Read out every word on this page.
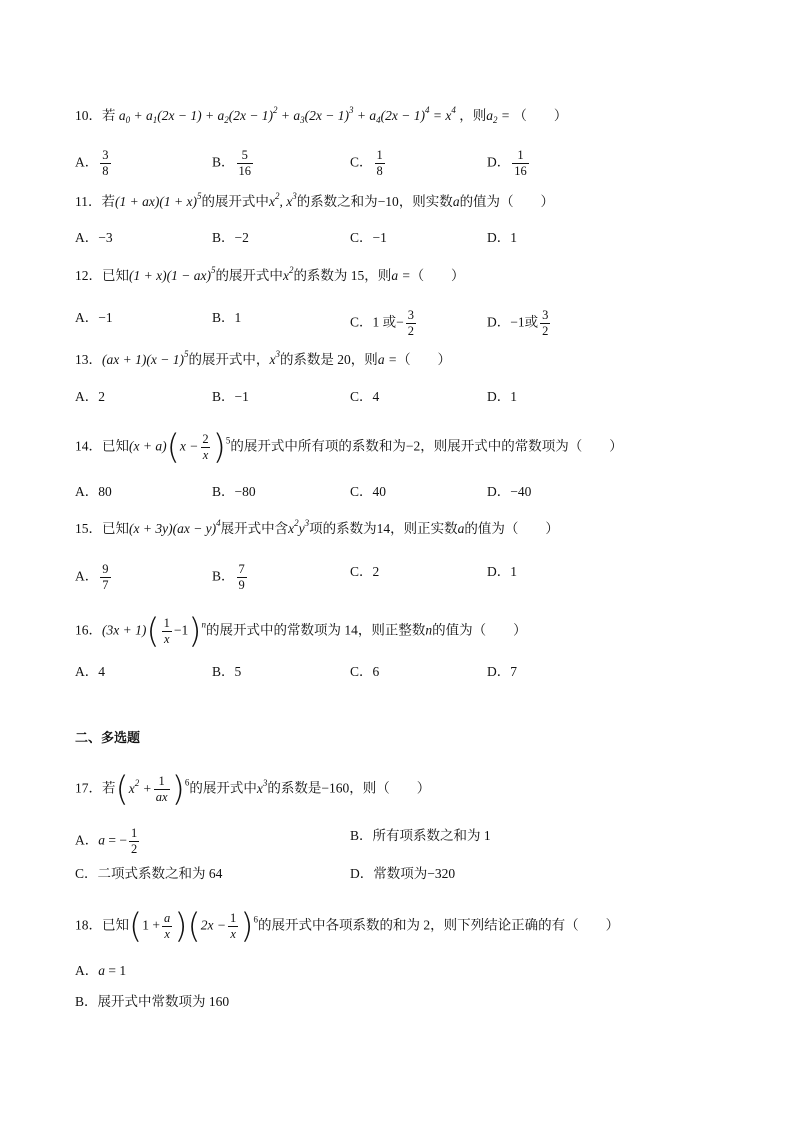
10．若 $a_0 + a_1(2x - 1) + a_2(2x - 1)^2 + a_3(2x - 1)^3 + a_4(2x - 1)^4 = x^4$ ，则$a_2$ = （　　）
A． $\frac{3}{8}$	B． $\frac{5}{16}$	C． $\frac{1}{8}$	D． $\frac{1}{16}$
11．若$(1 + ax)(1 + x)^5$的展开式中$x^2$, $x^3$的系数之和为−10，则实数a的值为（　　）
A．−3	B．−2	C．−1	D．1
12．已知(1 + x)(1 − ax)$^5$的展开式中$x^2$的系数为 15，则a =（　　）
A．−1	B．1	C．1 或− $\frac{3}{2}$	D．−1或 $\frac{3}{2}$
13．$(ax + 1)(x - 1)^5$的展开式中，$x^3$的系数是 20，则a =（　　）
A．2	B．−1	C．4	D．1
14．已知$(x + a)(x - \frac{2}{x} )^5$的展开式中所有项的系数和为−2，则展开式中的常数项为（　　）
A．80	B．−80	C．40	D．−40
15．已知(x + 3y)(ax − y)$^4$展开式中含$x^2y^3$项的系数为14，则正实数a的值为（　　）
A． $\frac{9}{7}$	B． $\frac{7}{9}$	C．2	D．1
16．$(3x + 1)( \frac{1}{x} -1)^n$的展开式中的常数项为 14，则正整数n的值为（　　）
A．4	B．5	C．6	D．7
二、多选题
17．若$(x^2 + \frac{1}{ax} )^6$的展开式中$x^3$的系数是−160，则（　　）
A．a = − $\frac{1}{2}$	B．所有项系数之和为 1
C．二项式系数之和为 64	D．常数项为−320
18．已知$(1 + \frac{a}{x} )(2x - \frac{1}{x} )^6$的展开式中各项系数的和为 2，则下列结论正确的有（　　）
A．a = 1
B．展开式中常数项为 160
